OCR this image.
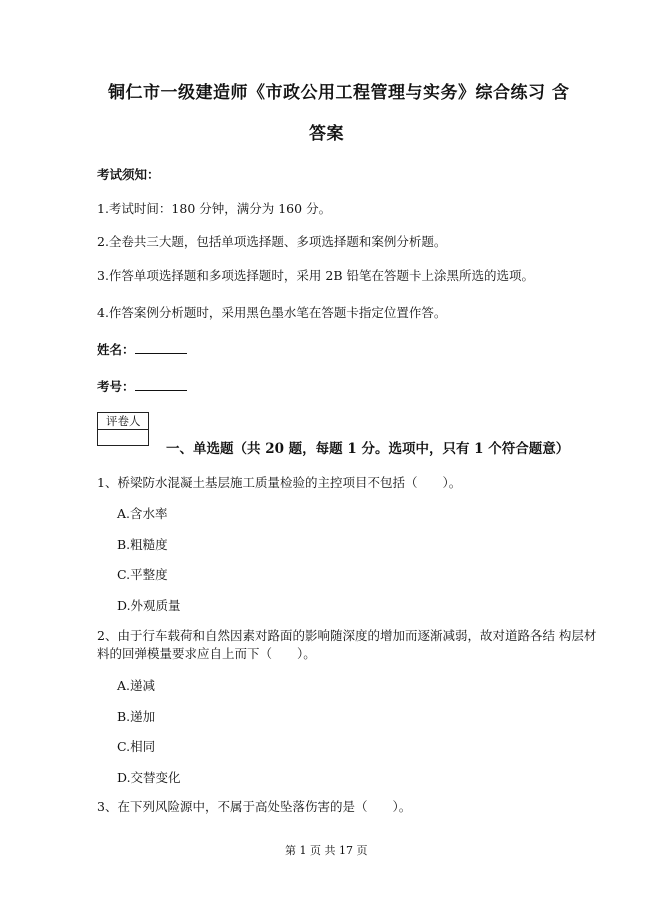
铜仁市一级建造师《市政公用工程管理与实务》综合练习 含
答案
考试须知：
1.考试时间：180 分钟，满分为 160 分。
2.全卷共三大题，包括单项选择题、多项选择题和案例分析题。
3.作答单项选择题和多项选择题时，采用 2B 铅笔在答题卡上涂黑所选的选项。
4.作答案例分析题时，采用黑色墨水笔在答题卡指定位置作答。
姓名：
考号：
评卷人
一、单选题（共 20 题，每题 1 分。选项中，只有 1 个符合题意）
1、桥梁防水混凝土基层施工质量检验的主控项目不包括（　　）。
A.含水率
B.粗糙度
C.平整度
D.外观质量
2、由于行车载荷和自然因素对路面的影响随深度的增加而逐渐减弱，故对道路各结 构层材
料的回弹模量要求应自上而下（　　）。
A.递减
B.递加
C.相同
D.交替变化
3、在下列风险源中，不属于高处坠落伤害的是（　　）。
第 1 页 共 17 页
